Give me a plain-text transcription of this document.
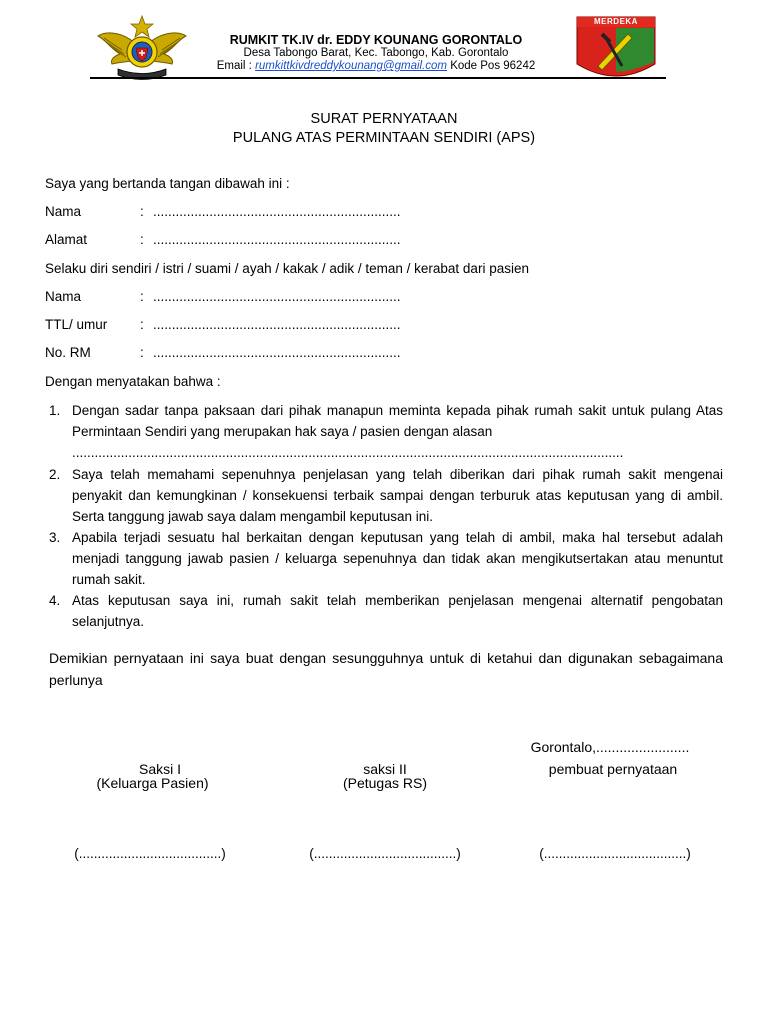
MERDEKA
RUMKIT TK.IV dr. EDDY KOUNANG GORONTALO
Desa Tabongo Barat, Kec. Tabongo, Kab. Gorontalo
Email : rumkittkivdreddykounang@gmail.com Kode Pos 96242
SURAT PERNYATAAN
PULANG ATAS PERMINTAAN SENDIRI (APS)
Saya yang bertanda tangan dibawah ini :
Nama	: ..................................................................
Alamat	: ..................................................................
Selaku diri sendiri / istri / suami / ayah / kakak / adik / teman / kerabat dari pasien
Nama	: ..................................................................
TTL/ umur : ..................................................................
No. RM	: ..................................................................
Dengan menyatakan bahwa :
1. Dengan sadar tanpa paksaan dari pihak manapun meminta kepada pihak rumah sakit untuk pulang Atas Permintaan Sendiri yang merupakan hak saya / pasien dengan alasan
...................................................................................................................................................
2. Saya telah memahami sepenuhnya penjelasan yang telah diberikan dari pihak rumah sakit mengenai penyakit dan kemungkinan / konsekuensi terbaik sampai dengan terburuk atas keputusan yang di ambil. Serta tanggung jawab saya dalam mengambil keputusan ini.
3. Apabila terjadi sesuatu hal berkaitan dengan keputusan yang telah di ambil, maka hal tersebut adalah menjadi tanggung jawab pasien / keluarga sepenuhnya dan tidak akan mengikutsertakan atau menuntut rumah sakit.
4. Atas keputusan saya ini, rumah sakit telah memberikan penjelasan mengenai alternatif pengobatan selanjutnya.
Demikian pernyataan ini saya buat dengan sesungguhnya untuk di ketahui dan digunakan sebagaimana perlunya
Gorontalo,........................
Saksi I
(Keluarga Pasien)
saksi II
(Petugas RS)
pembuat pernyataan
(......................................)	(......................................)	(......................................)
